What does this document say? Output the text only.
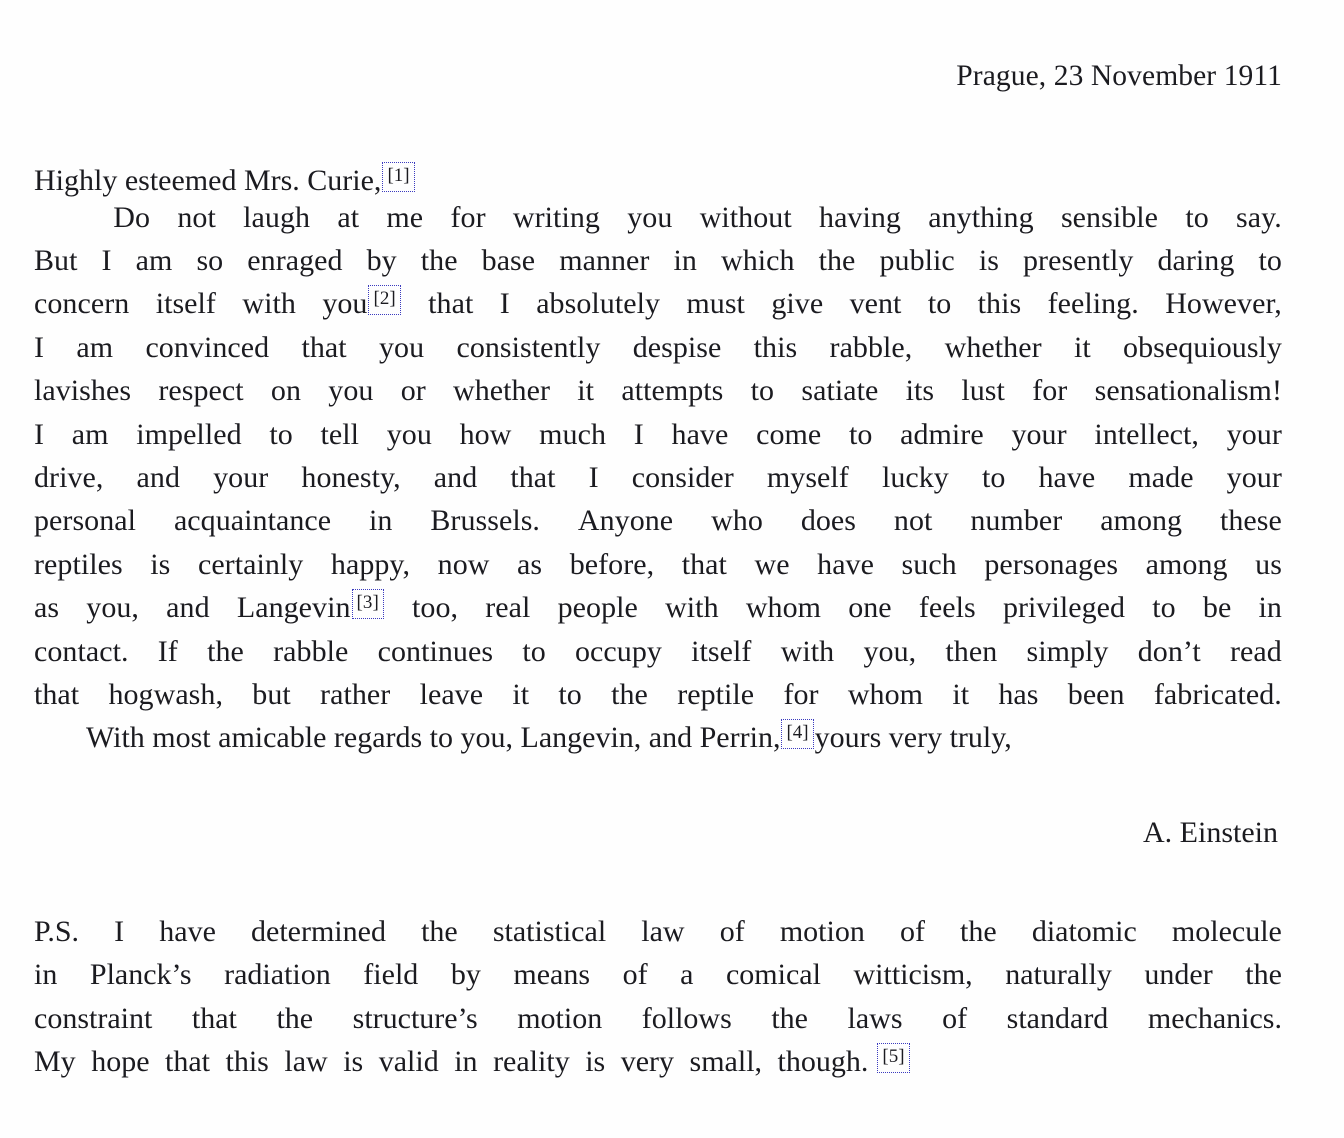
Prague, 23 November 1911
Highly esteemed Mrs. Curie, [1]
Do not laugh at me for writing you without having anything sensible to say.
But I am so enraged by the base manner in which the public is presently daring to
concern itself with you [2] that I absolutely must give vent to this feeling. However,
I am convinced that you consistently despise this rabble, whether it obsequiously
lavishes respect on you or whether it attempts to satiate its lust for sensationalism!
I am impelled to tell you how much I have come to admire your intellect, your
drive, and your honesty, and that I consider myself lucky to have made your
personal acquaintance in Brussels. Anyone who does not number among these
reptiles is certainly happy, now as before, that we have such personages among us
as you, and Langevin [3] too, real people with whom one feels privileged to be in
contact. If the rabble continues to occupy itself with you, then simply don’t read
that hogwash, but rather leave it to the reptile for whom it has been fabricated.
With most amicable regards to you, Langevin, and Perrin, [4] yours very truly,
A. Einstein
P.S. I have determined the statistical law of motion of the diatomic molecule
in Planck’s radiation field by means of a comical witticism, naturally under the
constraint that the structure’s motion follows the laws of standard mechanics.
My hope that this law is valid in reality is very small, though. [5]
